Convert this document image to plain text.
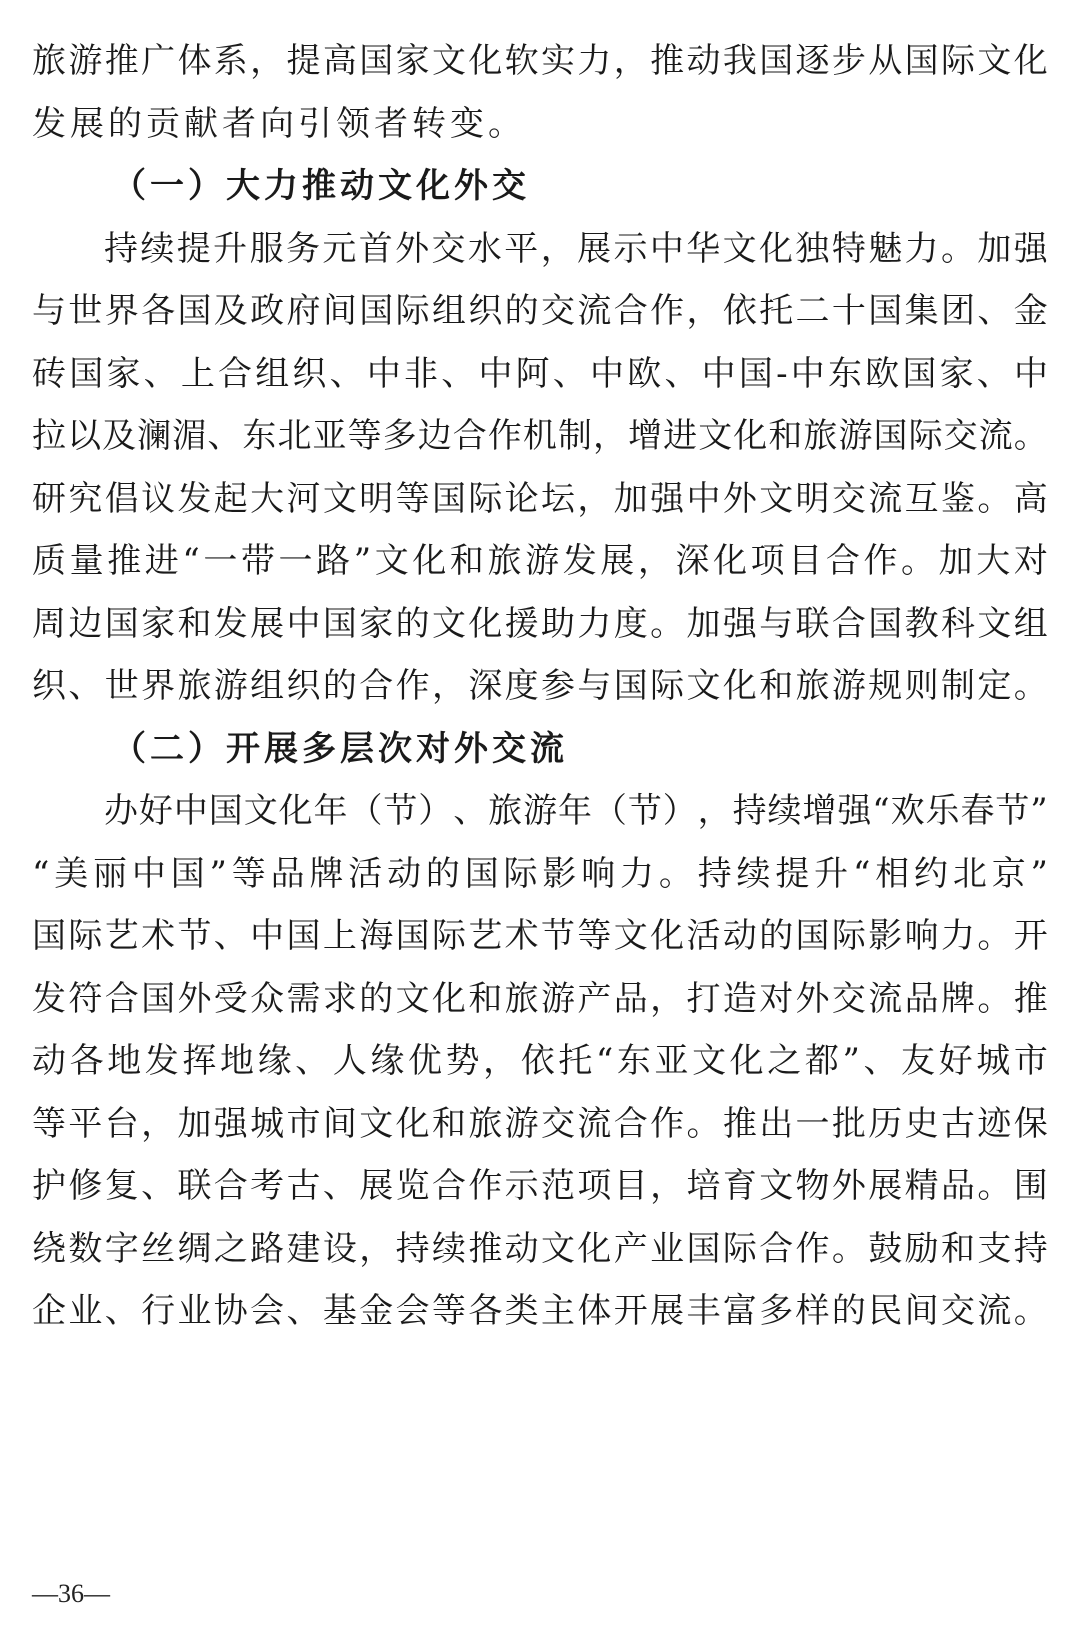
旅 游 推 广 体 系 ， 提 高 国 家 文 化 软 实 力 ， 推 动 我 国 逐 步 从 国 际 文 化
发展的贡献者向引领者转变。
（一）大力推动文化外交
持 续 提 升 服 务 元 首 外 交 水 平 ， 展 示 中 华 文 化 独 特 魅 力 。 加 强
与 世 界 各 国 及 政 府 间 国 际 组 织 的 交 流 合 作 ， 依 托 二 十 国 集 团 、 金
砖 国 家 、 上 合 组 织 、 中 非 、 中 阿 、 中 欧 、 中 国 - 中 东 欧 国 家 、 中
拉 以 及 澜 湄 、 东 北 亚 等 多 边 合 作 机 制 ， 增 进 文 化 和 旅 游 国 际 交 流 。
研 究 倡 议 发 起 大 河 文 明 等 国 际 论 坛 ， 加 强 中 外 文 明 交 流 互 鉴 。 高
质 量 推 进 “ 一 带 一 路 ” 文 化 和 旅 游 发 展 ， 深 化 项 目 合 作 。 加 大 对
周 边 国 家 和 发 展 中 国 家 的 文 化 援 助 力 度 。 加 强 与 联 合 国 教 科 文 组
织 、 世 界 旅 游 组 织 的 合 作 ， 深 度 参 与 国 际 文 化 和 旅 游 规 则 制 定 。
（二）开展多层次对外交流
办 好 中 国 文 化 年 （ 节 ） 、 旅 游 年 （ 节 ） ， 持 续 增 强 “ 欢 乐 春 节 ”
“ 美 丽 中 国 ” 等 品 牌 活 动 的 国 际 影 响 力 。 持 续 提 升 “ 相 约 北 京 ”
国 际 艺 术 节 、 中 国 上 海 国 际 艺 术 节 等 文 化 活 动 的 国 际 影 响 力 。 开
发 符 合 国 外 受 众 需 求 的 文 化 和 旅 游 产 品 ， 打 造 对 外 交 流 品 牌 。 推
动 各 地 发 挥 地 缘 、 人 缘 优 势 ， 依 托 “ 东 亚 文 化 之 都 ” 、 友 好 城 市
等 平 台 ， 加 强 城 市 间 文 化 和 旅 游 交 流 合 作 。 推 出 一 批 历 史 古 迹 保
护 修 复 、 联 合 考 古 、 展 览 合 作 示 范 项 目 ， 培 育 文 物 外 展 精 品 。 围
绕 数 字 丝 绸 之 路 建 设 ， 持 续 推 动 文 化 产 业 国 际 合 作 。 鼓 励 和 支 持
企 业 、 行 业 协 会 、 基 金 会 等 各 类 主 体 开 展 丰 富 多 样 的 民 间 交 流 。
—36—
